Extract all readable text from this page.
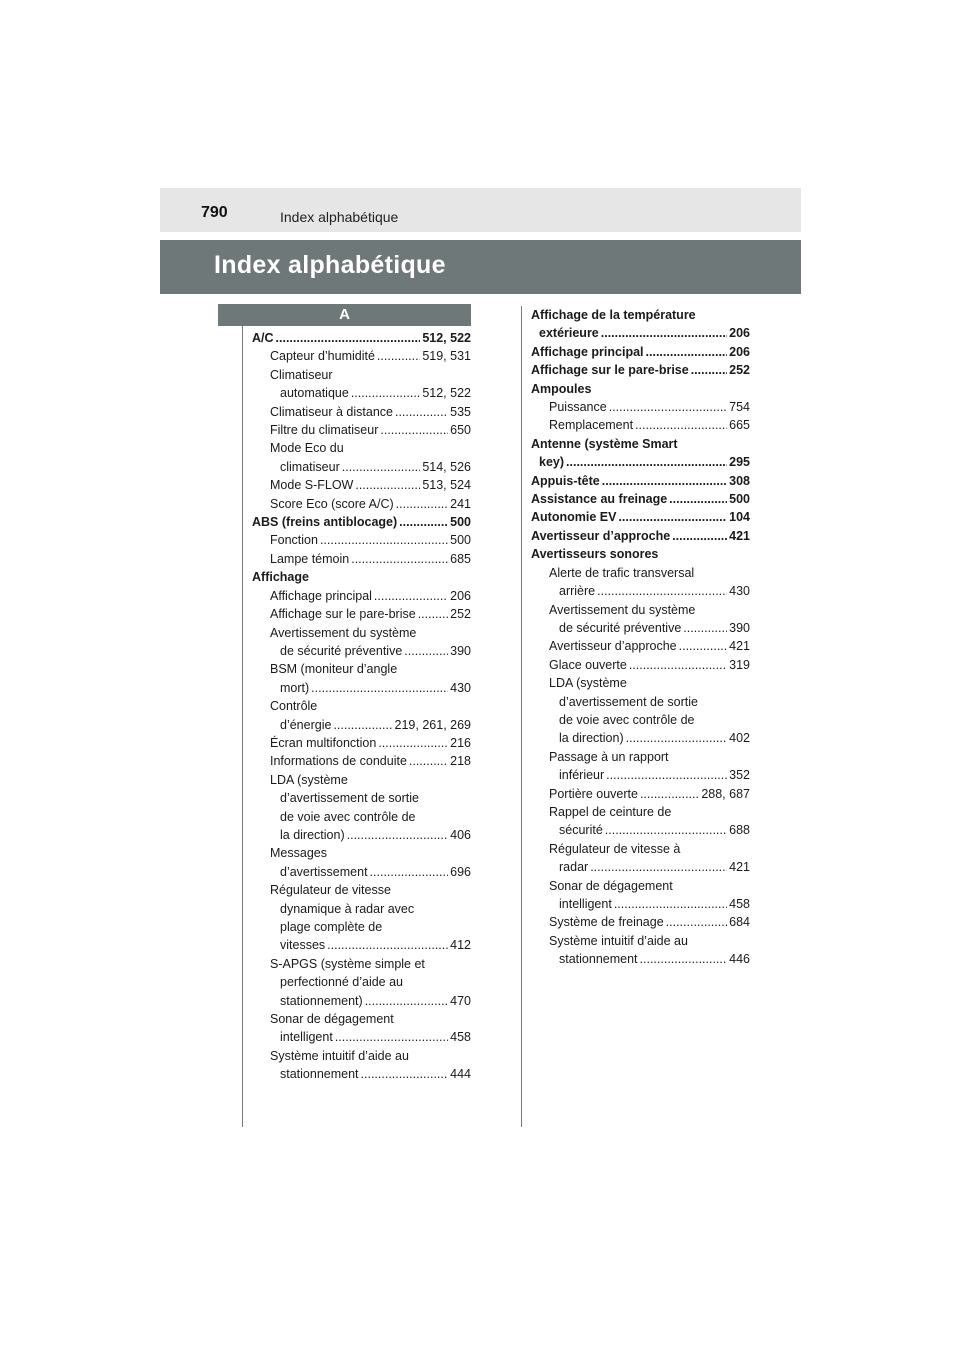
790	Index alphabétique
Index alphabétique
A
A/C .....	512, 522
Capteur d’humidité .....	519, 531
Climatiseur
automatique .....	512, 522
Climatiseur à distance .....	535
Filtre du climatiseur .....	650
Mode Eco du
climatiseur .....	514, 526
Mode S-FLOW .....	513, 524
Score Eco (score A/C) .....	241
ABS (freins antiblocage) .....	500
Fonction .....	500
Lampe témoin .....	685
Affichage
Affichage principal .....	206
Affichage sur le pare-brise .....	252
Avertissement du système
de sécurité préventive .....	390
BSM (moniteur d’angle
mort) .....	430
Contrôle
d’énergie .....	219, 261, 269
Écran multifonction .....	216
Informations de conduite .....	218
LDA (système
d’avertissement de sortie
de voie avec contrôle de
la direction) .....	406
Messages
d’avertissement .....	696
Régulateur de vitesse
dynamique à radar avec
plage complète de
vitesses .....	412
S-APGS (système simple et
perfectionné d’aide au
stationnement) .....	470
Sonar de dégagement
intelligent .....	458
Système intuitif d’aide au
stationnement .....	444
Affichage de la température
extérieure .....	206
Affichage principal .....	206
Affichage sur le pare-brise .....	252
Ampoules
Puissance .....	754
Remplacement .....	665
Antenne (système Smart
key) .....	295
Appuis-tête .....	308
Assistance au freinage .....	500
Autonomie EV .....	104
Avertisseur d’approche .....	421
Avertisseurs sonores
Alerte de trafic transversal
arrière .....	430
Avertissement du système
de sécurité préventive .....	390
Avertisseur d’approche .....	421
Glace ouverte .....	319
LDA (système
d’avertissement de sortie
de voie avec contrôle de
la direction) .....	402
Passage à un rapport
inférieur .....	352
Portière ouverte .....	288, 687
Rappel de ceinture de
sécurité .....	688
Régulateur de vitesse à
radar .....	421
Sonar de dégagement
intelligent .....	458
Système de freinage .....	684
Système intuitif d’aide au
stationnement .....	446
